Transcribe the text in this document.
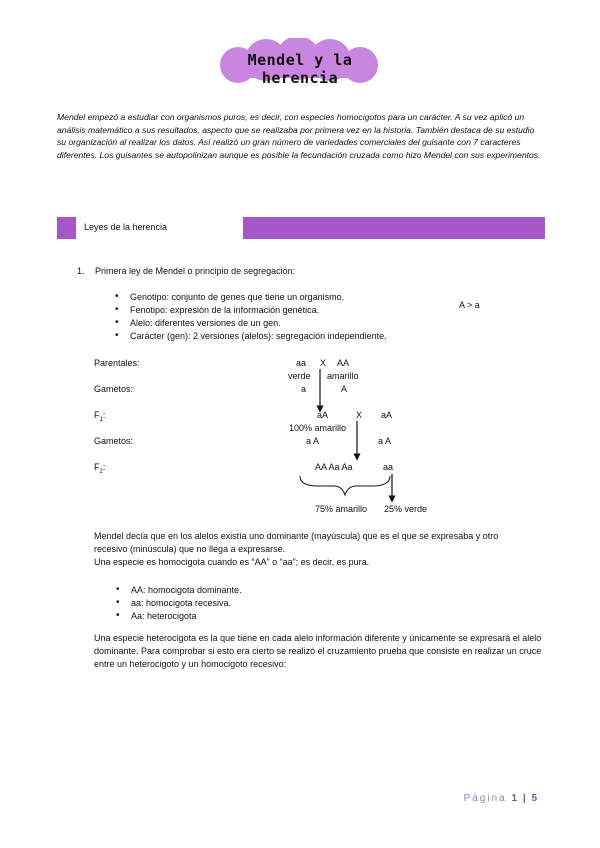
Mendel y la herencia
Mendel empezó a estudiar con organismos puros, es decir, con especies homocigotos para un carácter. A su vez aplicó un análisis matemático a sus resultados, aspecto que se realizaba por primera vez en la historia. También destaca de su estudio su organización al realizar los datos. Así realizó un gran número de variedades comerciales del guisante con 7 caracteres diferentes. Los guisantes se autopolinizan aunque es posible la fecundación cruzada como hizo Mendel con sus experimentos.
Leyes de la herencia
1. Primera ley de Mendel o principio de segregación:
• Genotipo: conjunto de genes que tiene un organismo.
• Fenotipo: expresión de la información genética.
• Alelo: diferentes versiones de un gen.
• Carácter (gen): 2 versiones (alelos): segregación independiente.
A > a
Parentales:	aa X AA
verde amarillo
Gametos:	a	A
$F_1$:	aA	X aA
100% amarillo
Gametos:	a A	a A
$F_2$:	AA Aa Aa	aa
75% amarillo 25% verde
Mendel decía que en los alelos existía uno dominante (mayúscula) que es el que se expresaba y otro recesivo (minúscula) que no llega a expresarse.
Una especie es homocigota cuando es “AA” o “aa”; es decir, es pura.
• AA: homocigota dominante.
• aa: homocigota recesiva.
• Aa: heterocigota
Una especie heterocigota es la que tiene en cada alelo información diferente y únicamente se expresará el alelo dominante. Para comprobar si esto era cierto se realizó el cruzamiento prueba que consiste en realizar un cruce entre un heterocigoto y un homocigoto recesivo:
Página 1 | 5
